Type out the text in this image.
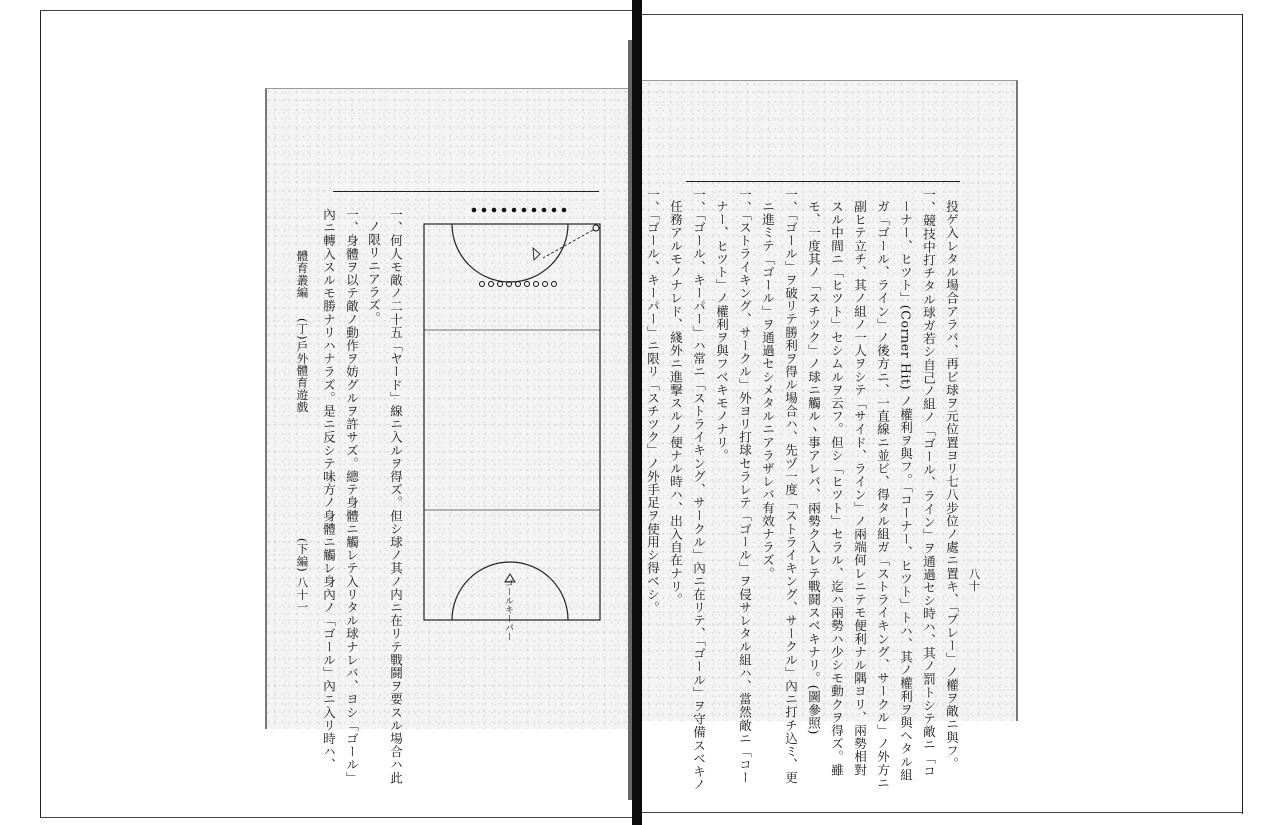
體育叢編
(丁)戶外體育遊戲
(下編) 八十一	一、何人モ敵ノ二十五「ヤード」線ニ入ルヲ得ズ。但シ球ノ其ノ内ニ在リテ戰鬪ヲ要スル場合ハ此
ノ限リニアラズ。
一、身體ヲ以テ敵ノ動作ヲ妨グルヲ許サズ。總テ身體ニ觸レテ入リタル球ナレバ、ヨシ「ゴール」
內ニ轉入スルモ勝ナリハナラズ。是ニ反シテ味方ノ身體ニ觸レ身內ノ「ゴール」內ニ入リ時ハ、	ゴールキーパー	八十
投ゲ入レタル場合アラバ、再ビ球ヲ元位置ヨリ七八步位ノ處ニ置キ、「ブレー」ノ權ヲ敵ニ與フ。
一、競技中打チタル球ガ若シ自己ノ組ノ「ゴール、ライン」ヲ通過セシ時ハ、其ノ罰トシテ敵ニ「コ
ーナー、ヒツト」(Corner Hit) ノ權利ヲ與フ。「コーナー、ヒツト」トハ、其ノ權利ヲ與ヘタル組
ガ「ゴール、ライン」ノ後方ニ、一直線ニ並ビ、得タル組ガ「ストライキング、サークル」ノ外方ニ
副ヒテ立チ、其ノ組ノ一人ヲシテ「サイド、ライン」ノ兩端何レニテモ便利ナル隅ヨリ、兩勢相對
スル中間ニ「ヒツト」セシムルヲ云フ。但シ「ヒツト」セラル、迄ハ兩勢ハ少シモ動クヲ得ズ。雖
モ、一度其ノ「スチツク」ノ球ニ觸ルヽ事アレバ、兩勢ク入レテ戰鬪スベキナリ。(圖參照)
一、「ゴール」ヲ破リテ勝利ヲ得ル場合ハ、先ヅ一度「ストライキング、サークル」內ニ打チ込ミ、更
ニ進ミテ「ゴール」ヲ通過セシメタルニアラザレバ有效ナラズ。
一、「ストライキング、サークル」外ヨリ打球セラレテ「ゴール」ヲ侵サレタル組ハ、當然敵ニ「コー
ナー、ヒツト」ノ權利ヲ與フベキモノナリ。
一、「ゴール、キーパー」ハ常ニ「ストライキング、サークル」內ニ在リテ、「ゴール」ヲ守備スベキノ
任務アルモノナレド、綫外ニ進撃スルノ便ナル時ハ、出入自在ナリ。
一、「ゴール、キーパー」ニ限リ「スチツク」ノ外手足ヲ使用シ得ベシ。
